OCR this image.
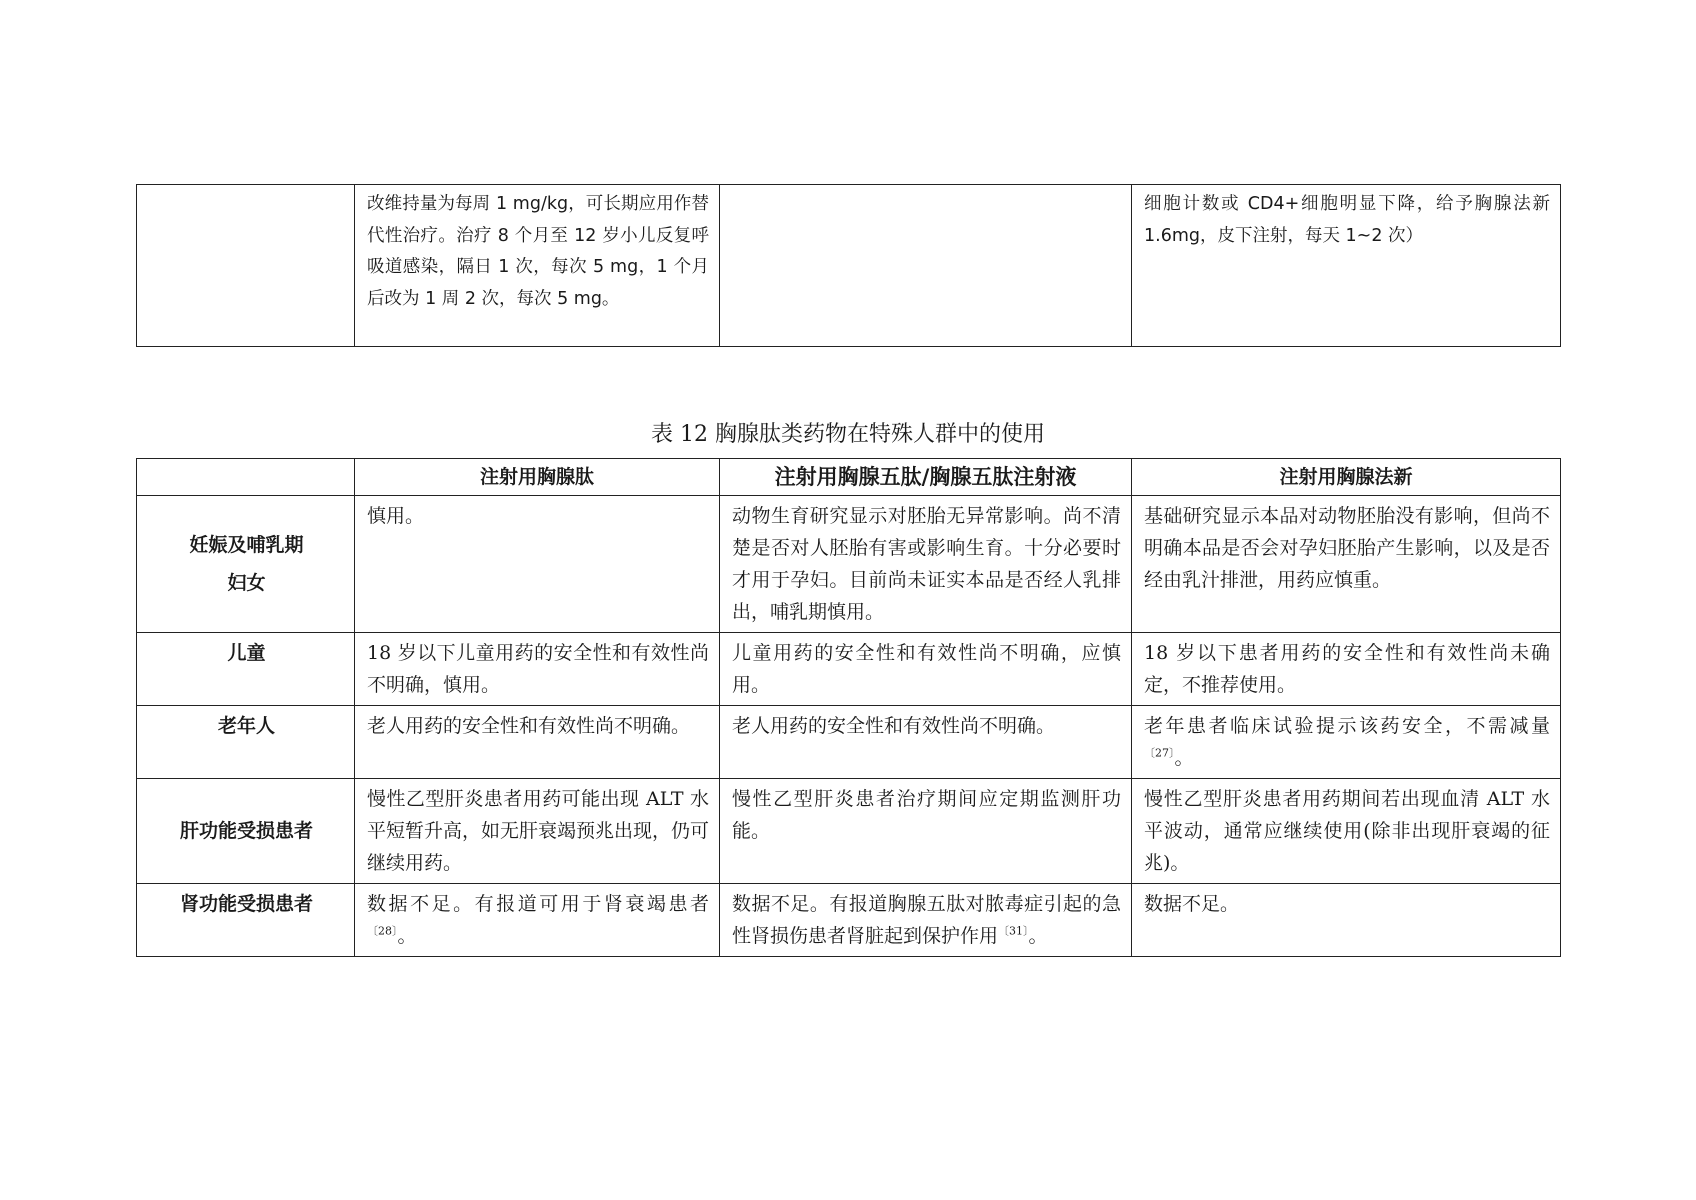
	改维持量为每周 1 mg/kg，可长期应用作替代性治疗。治疗 8 个月至 12 岁小儿反复呼吸道感染，隔日 1 次，每次 5 mg，1 个月后改为 1 周 2 次，每次 5 mg。		细胞计数或 CD4+细胞明显下降，给予胸腺法新 1.6mg，皮下注射，每天 1~2 次）
表 12 胸腺肽类药物在特殊人群中的使用
	注射用胸腺肽	注射用胸腺五肽/胸腺五肽注射液	注射用胸腺法新

妊娠及哺乳期
妇女	慎用。	动物生育研究显示对胚胎无异常影响。尚不清楚是否对人胚胎有害或影响生育。十分必要时才用于孕妇。目前尚未证实本品是否经人乳排出，哺乳期慎用。	基础研究显示本品对动物胚胎没有影响，但尚不明确本品是否会对孕妇胚胎产生影响，以及是否经由乳汁排泄，用药应慎重。
儿童	18 岁以下儿童用药的安全性和有效性尚不明确，慎用。	儿童用药的安全性和有效性尚不明确，应慎用。	18 岁以下患者用药的安全性和有效性尚未确定，不推荐使用。
老年人	老人用药的安全性和有效性尚不明确。	老人用药的安全性和有效性尚不明确。	老年患者临床试验提示该药安全，不需减量$^{〔27〕}$。
肝功能受损患者	慢性乙型肝炎患者用药可能出现 ALT 水平短暂升高，如无肝衰竭预兆出现，仍可继续用药。	慢性乙型肝炎患者治疗期间应定期监测肝功能。	慢性乙型肝炎患者用药期间若出现血清 ALT 水平波动，通常应继续使用(除非出现肝衰竭的征兆)。
肾功能受损患者	数据不足。有报道可用于肾衰竭患者$^{〔28〕}$。	数据不足。有报道胸腺五肽对脓毒症引起的急性肾损伤患者肾脏起到保护作用$^{〔31〕}$。	数据不足。
